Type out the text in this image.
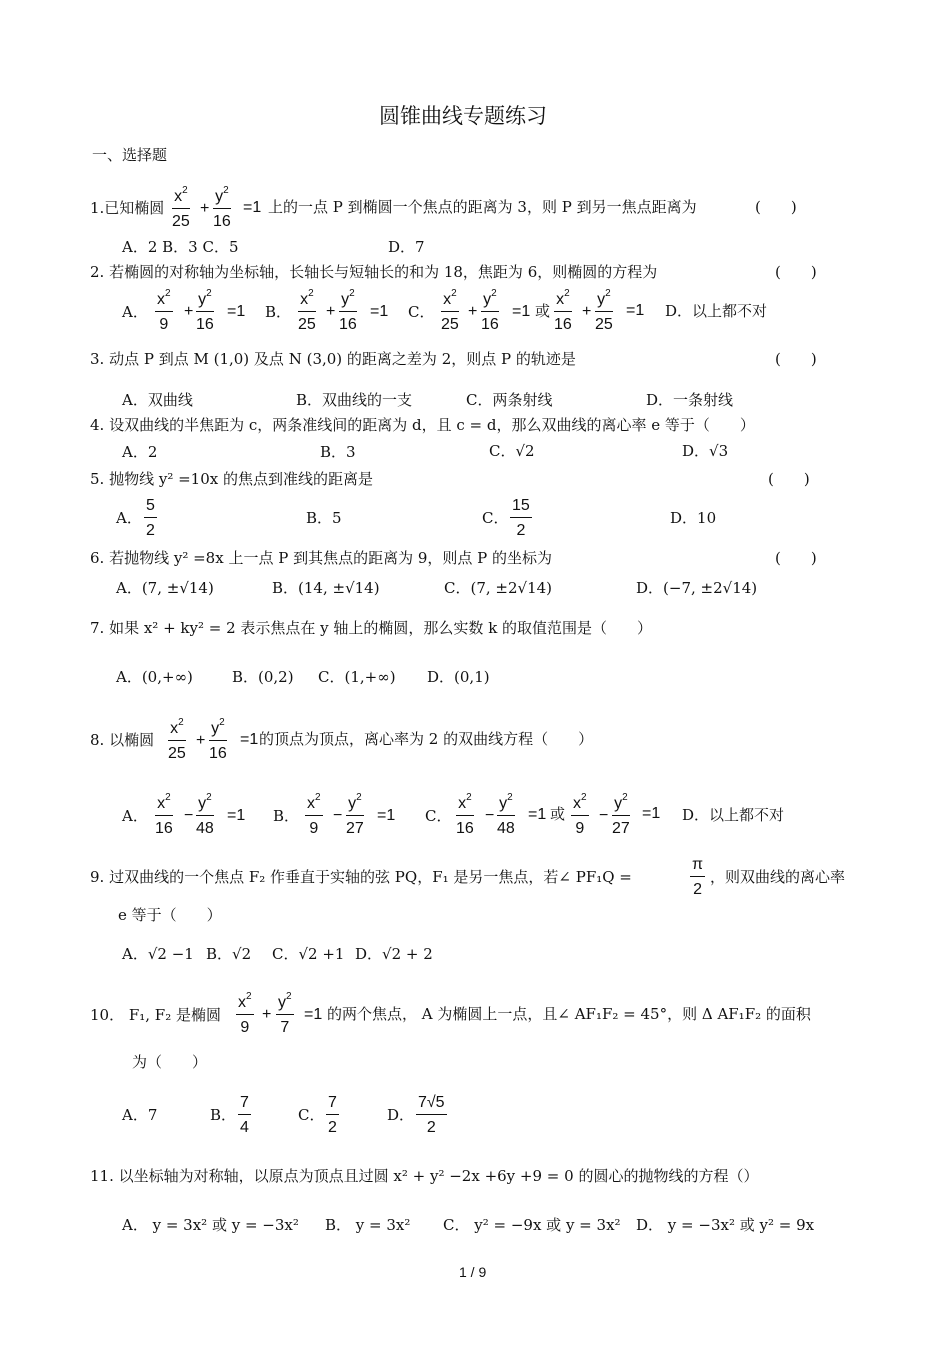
圆锥曲线专题练习
一、选择题
1.已知椭圆 $\frac{x^2}{25} + \frac{y^2}{16} =1$ 上的一点 P 到椭圆一个焦点的距离为 3，则 P 到另一焦点距离为	(　　)
A．2 B．3 C．5	D．7
2. 若椭圆的对称轴为坐标轴，长轴长与短轴长的和为 18，焦距为 6，则椭圆的方程为	(　　)
A． $\frac{x^2}{9} + \frac{y^2}{16} =1$ B． $\frac{x^2}{25} + \frac{y^2}{16} =1$ C． $\frac{x^2}{25} + \frac{y^2}{16} =1$ 或 $\frac{x^2}{16} + \frac{y^2}{25} =1$ D．以上都不对
3. 动点 P 到点 M (1,0) 及点 N (3,0) 的距离之差为 2，则点 P 的轨迹是	(　　)
A．双曲线	B．双曲线的一支	C．两条射线	D．一条射线
4. 设双曲线的半焦距为 c，两条准线间的距离为 d，且 c = d，那么双曲线的离心率 e 等于（　　）
A．2	B．3	C．√2	D．√3
5. 抛物线 y² =10x 的焦点到准线的距离是	(　　)
A． $\frac{5}{2}$	B．5	C． $\frac{15}{2}$	D．10
6. 若抛物线 y² =8x 上一点 P 到其焦点的距离为 9，则点 P 的坐标为	(　　)
A．(7, ±√14)	B．(14, ±√14)	C．(7, ±2√14)	D．(−7, ±2√14)
7. 如果 x² + ky² = 2 表示焦点在 y 轴上的椭圆，那么实数 k 的取值范围是（　　）
A．(0,+∞)	B．(0,2) C．(1,+∞) D．(0,1)
8. 以椭圆 $\frac{x^2}{25} + \frac{y^2}{16} =1$ 的顶点为顶点，离心率为 2 的双曲线方程（　　）
A． $\frac{x^2}{16} - \frac{y^2}{48} =1$ B． $\frac{x^2}{9} - \frac{y^2}{27} =1$ C． $\frac{x^2}{16} - \frac{y^2}{48} =1$ 或 $\frac{x^2}{9} - \frac{y^2}{27} =1$ D．以上都不对
9. 过双曲线的一个焦点 F₂ 作垂直于实轴的弦 PQ，F₁ 是另一焦点，若∠ PF₁Q =	$\frac{\pi}{2}$ ，则双曲线的离心率
e 等于（　　）
A．√2 −1 B．√2 C．√2 +1 D．√2 + 2
10． F₁, F₂ 是椭圆 $\frac{x^2}{9} + \frac{y^2}{7} =1$ 的两个焦点， A 为椭圆上一点，且∠ AF₁F₂ = 45°，则 Δ AF₁F₂ 的面积
为（　　）
A．7	B． $\frac{7}{4}$	C． $\frac{7}{2}$	D． $\frac{7√5}{2}$
11. 以坐标轴为对称轴，以原点为顶点且过圆 x² + y² −2x +6y +9 = 0 的圆心的抛物线的方程（）
A． y = 3x² 或 y = −3x² B． y = 3x² C． y² = −9x 或 y = 3x² D． y = −3x² 或 y² = 9x
1 / 9
